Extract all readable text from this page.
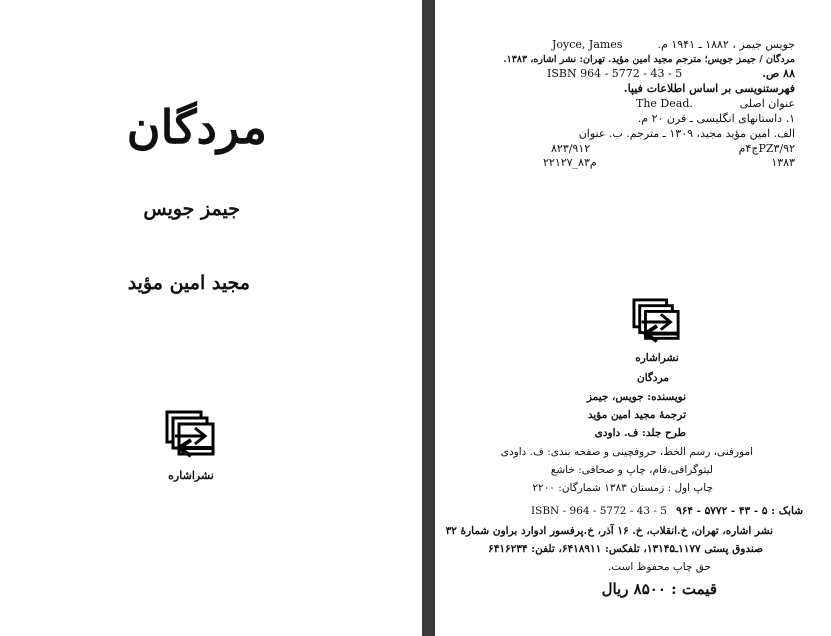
مردگان
جیمز جویس
مجید امین مؤید
نشراشاره
جویس جیمز ، ۱۸۸۲ ـ ۱۹۴۱ م.
Joyce, James
مردگان / جیمز جویس؛ مترجم مجید امین مؤید. تهران: نشر اشاره، ۱۳۸۳.
۸۸ ص.
ISBN 964 - 5772 - 43 - 5
فهرستنویسی بر اساس اطلاعات فیپا.
عنوان اصلی
The Dead.
۱. داستانهای انگلیسی ـ قرن ۲۰ م.
الف. امین مؤید مجید، ۱۳۰۹ ـ مترجم. ب. عنوان
PZ۳/۹۲ج۴م
۸۲۳/۹۱۲
۱۳۸۳
م۸۳_۲۲۱۲۷
نشراشاره
مردگان
نویسنده: جویس، جیمز
ترجمهٔ مجید امین مؤید
طرح جلد: ف. داودی
امورفنی، رسم الخط، حروفچینی و صفحه بندی: ف. داودی
لیتوگرافی،فام، چاپ و صحافی: خاشع
چاپ اول : زمستان ۱۳۸۳ شمارگان: ۲۲۰۰
شابک : ۵ - ۴۳ - ۵۷۷۲ - ۹۶۴
ISBN - 964 - 5772 - 43 - 5
نشر اشاره، تهران، خ.انقلاب، خ. ۱۶ آذر، خ.پرفسور ادوارد براون شمارهٔ ۳۲
صندوق پستی ۱۱۷۷ـ۱۳۱۴۵، تلفکس: ۶۴۱۸۹۱۱، تلفن: ۶۴۱۶۲۳۴
حق چاپ محفوظ است.
قیمت : ۸۵۰۰ ریال
